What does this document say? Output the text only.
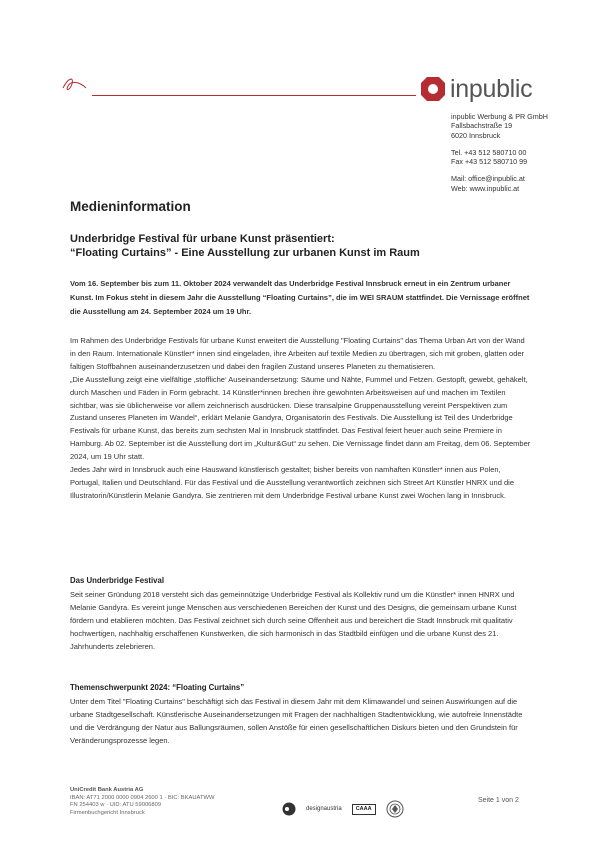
inpublic
inpublic Werbung & PR GmbH
Fallsbachstraße 19
6020 Innsbruck
Tel. +43 512 580710 00
Fax +43 512 580710 99
Mail: office@inpublic.at
Web: www.inpublic.at
Medieninformation
Underbridge Festival für urbane Kunst präsentiert:
“Floating Curtains” - Eine Ausstellung zur urbanen Kunst im Raum
Vom 16. September bis zum 11. Oktober 2024 verwandelt das Underbridge Festival Innsbruck erneut in ein Zentrum urbaner Kunst. Im Fokus steht in diesem Jahr die Ausstellung “Floating Curtains”, die im WEI SRAUM stattfindet. Die Vernissage eröffnet die Ausstellung am 24. September 2024 um 19 Uhr.

Im Rahmen des Underbridge Festivals für urbane Kunst erweitert die Ausstellung "Floating Curtains" das Thema Urban Art von der Wand in den Raum. Internationale Künstler* innen sind eingeladen, ihre Arbeiten auf textile Medien zu übertragen, sich mit groben, glatten oder faltigen Stoffbahnen auseinanderzusetzen und dabei den fragilen Zustand unseres Planeten zu thematisieren.

„Die Ausstellung zeigt eine vielfältige ‚stoffliche‘ Auseinandersetzung: Säume und Nähte, Fummel und Fetzen. Gestopft, gewebt, gehäkelt, durch Maschen und Fäden in Form gebracht. 14 Künstler*innen brechen ihre gewohnten Arbeitsweisen auf und machen im Textilen sichtbar, was sie üblicherweise vor allem zeichnerisch ausdrücken. Diese transalpine Gruppenausstellung vereint Perspektiven zum Zustand unseres Planeten im Wandel“, erklärt Melanie Gandyra, Organisatorin des Festivals. Die Ausstellung ist Teil des Underbridge Festivals für urbane Kunst, das bereits zum sechsten Mal in Innsbruck stattfindet. Das Festival feiert heuer auch seine Premiere in Hamburg. Ab 02. September ist die Ausstellung dort im „Kultur&Gut“ zu sehen. Die Vernissage findet dann am Freitag, dem 06. September 2024, um 19 Uhr statt.

Jedes Jahr wird in Innsbruck auch eine Hauswand künstlerisch gestaltet; bisher bereits von namhaften Künstler* innen aus Polen, Portugal, Italien und Deutschland. Für das Festival und die Ausstellung verantwortlich zeichnen sich Street Art Künstler HNRX und die Illustratorin/Künstlerin Melanie Gandyra. Sie zentrieren mit dem Underbridge Festival urbane Kunst zwei Wochen lang in Innsbruck.

Das Underbridge Festival
Seit seiner Gründung 2018 versteht sich das gemeinnützige Underbridge Festival als Kollektiv rund um die Künstler* innen HNRX und Melanie Gandyra. Es vereint junge Menschen aus verschiedenen Bereichen der Kunst und des Designs, die gemeinsam urbane Kunst fördern und etablieren möchten. Das Festival zeichnet sich durch seine Offenheit aus und bereichert die Stadt Innsbruck mit qualitativ hochwertigen, nachhaltig erschaffenen Kunstwerken, die sich harmonisch in das Stadtbild einfügen und die urbane Kunst des 21. Jahrhunderts zelebrieren.
Themenschwerpunkt 2024: “Floating Curtains”
Unter dem Titel "Floating Curtains" beschäftigt sich das Festival in diesem Jahr mit dem Klimawandel und seinen Auswirkungen auf die urbane Stadtgesellschaft. Künstlerische Auseinandersetzungen mit Fragen der nachhaltigen Stadtentwicklung, wie autofreie Innenstädte und die Verdrängung der Natur aus Ballungsräumen, sollen Anstöße für einen gesellschaftlichen Diskurs bieten und den Grundstein für Veränderungsprozesse legen.
UniCredit Bank Austria AG
IBAN: AT71 2000 0000 0904 2600 1 · BIC: BKAUATWW
FN 254403 w · UID: ATU 59006809
Firmenbuchgericht Innsbruck
designaustria	CAAA
Seite 1 von 2
